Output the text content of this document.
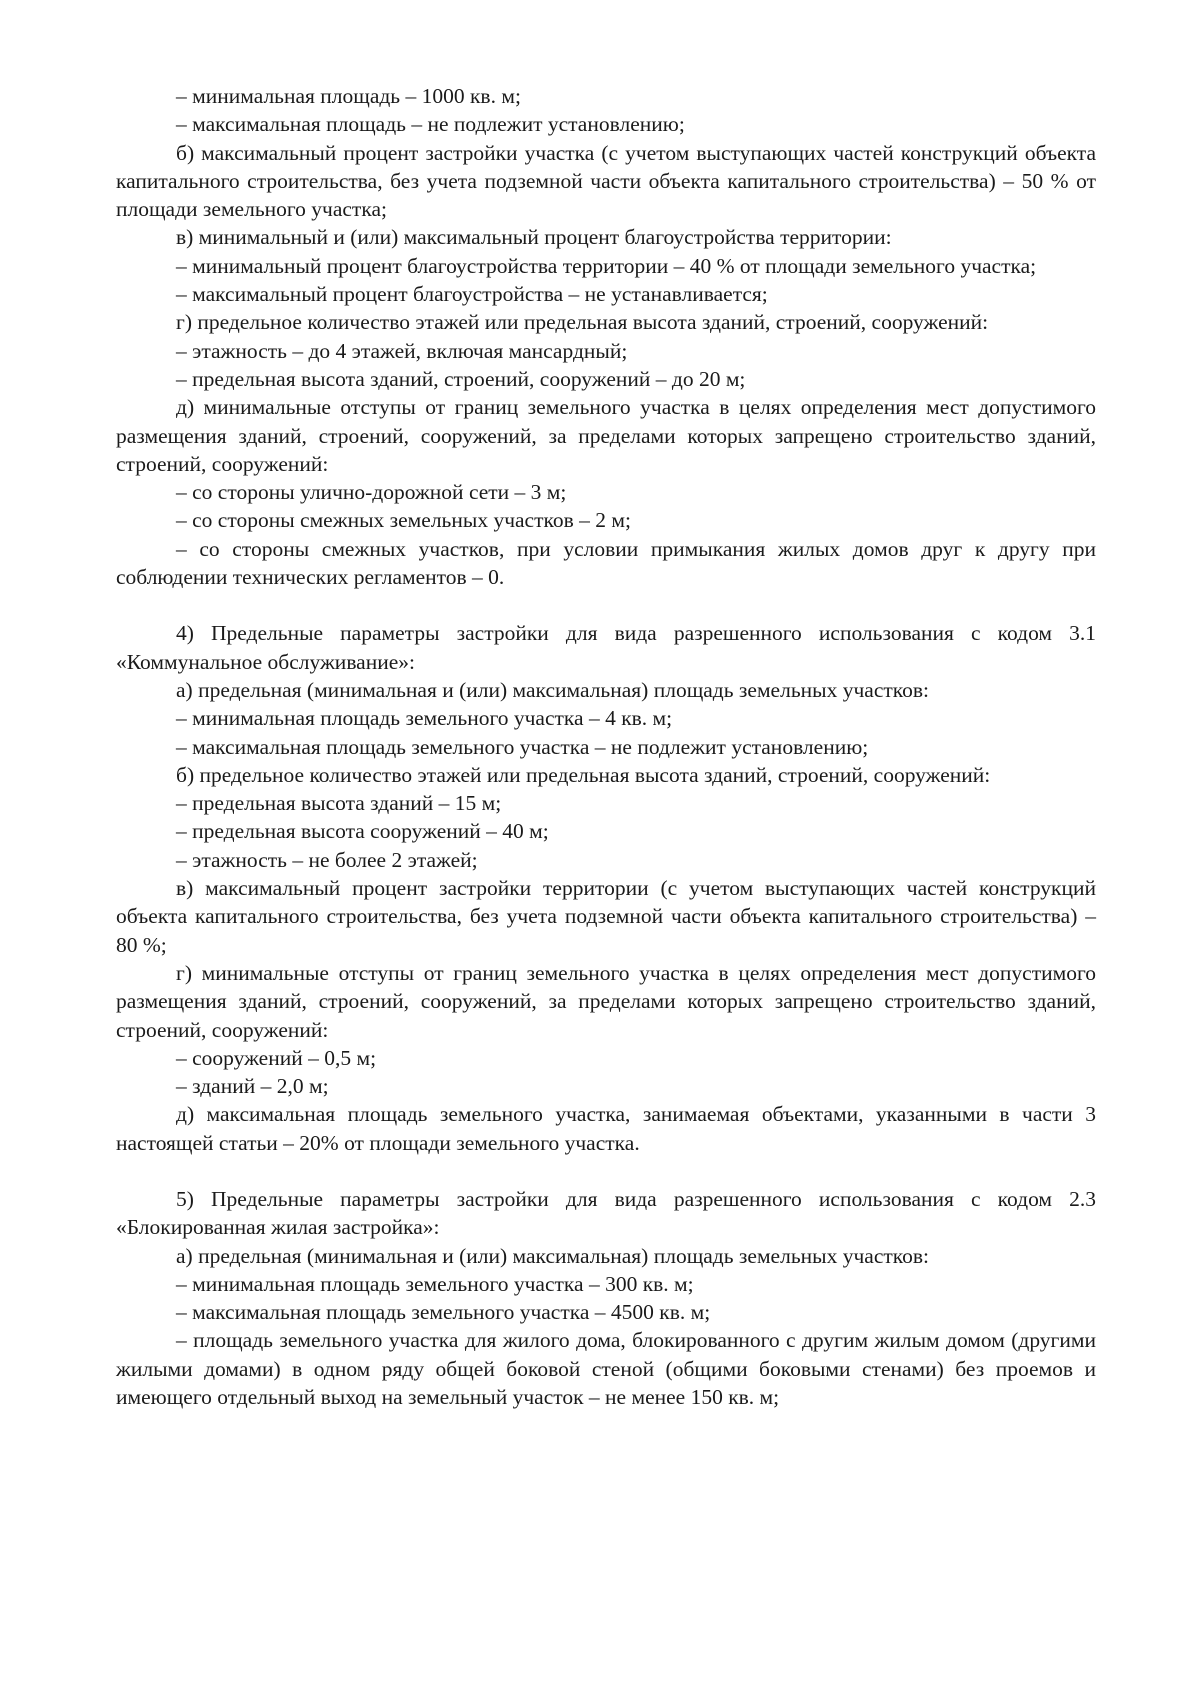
– минимальная площадь – 1000 кв. м;

– максимальная площадь – не подлежит установлению;

б) максимальный процент застройки участка (с учетом выступающих частей конструкций объекта капитального строительства, без учета подземной части объекта капитального строительства) – 50 % от площади земельного участка;

в) минимальный и (или) максимальный процент благоустройства территории:

– минимальный процент благоустройства территории – 40 % от площади земельного участка;

– максимальный процент благоустройства – не устанавливается;

г) предельное количество этажей или предельная высота зданий, строений, сооружений:

– этажность – до 4 этажей, включая мансардный;

– предельная высота зданий, строений, сооружений – до 20 м;

д) минимальные отступы от границ земельного участка в целях определения мест допустимого размещения зданий, строений, сооружений, за пределами которых запрещено строительство зданий, строений, сооружений:

– со стороны улично-дорожной сети – 3 м;

– со стороны смежных земельных участков – 2 м;

– со стороны смежных участков, при условии примыкания жилых домов друг к другу при соблюдении технических регламентов – 0.

4) Предельные параметры застройки для вида разрешенного использования с кодом 3.1 «Коммунальное обслуживание»:

а) предельная (минимальная и (или) максимальная) площадь земельных участков:

– минимальная площадь земельного участка – 4 кв. м;

– максимальная площадь земельного участка – не подлежит установлению;

б) предельное количество этажей или предельная высота зданий, строений, сооружений:

– предельная высота зданий – 15 м;

– предельная высота сооружений – 40 м;

– этажность – не более 2 этажей;

в) максимальный процент застройки территории (с учетом выступающих частей конструкций объекта капитального строительства, без учета подземной части объекта капитального строительства) – 80 %;

г) минимальные отступы от границ земельного участка в целях определения мест допустимого размещения зданий, строений, сооружений, за пределами которых запрещено строительство зданий, строений, сооружений:

– сооружений – 0,5 м;

– зданий – 2,0 м;

д) максимальная площадь земельного участка, занимаемая объектами, указанными в части 3 настоящей статьи – 20% от площади земельного участка.

5) Предельные параметры застройки для вида разрешенного использования с кодом 2.3 «Блокированная жилая застройка»:

а) предельная (минимальная и (или) максимальная) площадь земельных участков:

– минимальная площадь земельного участка – 300 кв. м;

– максимальная площадь земельного участка – 4500 кв. м;

– площадь земельного участка для жилого дома, блокированного с другим жилым домом (другими жилыми домами) в одном ряду общей боковой стеной (общими боковыми стенами) без проемов и имеющего отдельный выход на земельный участок – не менее 150 кв. м;
